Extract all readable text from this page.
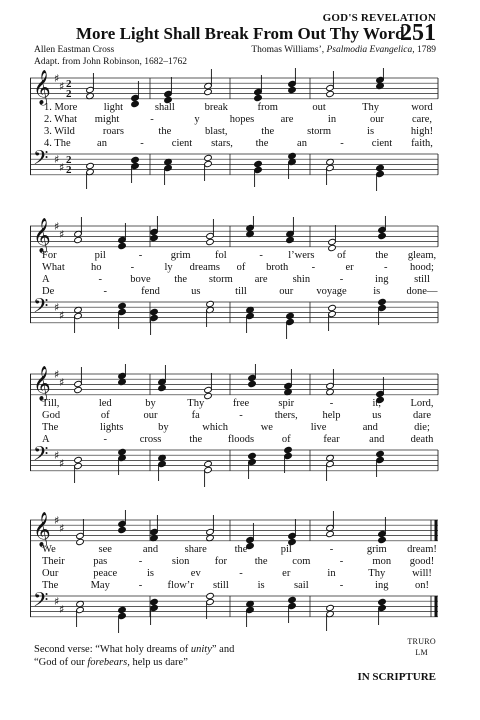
GOD'S REVELATION
More Light Shall Break From Out Thy Word
251
Allen Eastman Cross
Adapt. from John Robinson, 1682–1762
Thomas Williams’, Psalmodia Evangelica, 1789
𝄞
𝄢
♯
♯
♯
♯
2
2
2
2
1. More	light	shall	break	from	out	Thy	word
2. What might	-	y	hopes	are	in	our	care,
3. Wild	roars	the	blast,	the	storm	is	high!
4. The	an	-	cient stars, the	an	-	cient faith,
𝄞
𝄢
♯
♯
♯
♯
For	pil	-	grim fol	- l’wers of	the gleam,
What ho	-	ly dreams of broth -	er	- hood;
A	-	bove the storm are shin	-	ing still
De	-	fend	us	till	our voyage	is	done—
𝄞
𝄢
♯
♯
♯
♯
Till,	led	by	Thy	free	spir	-	it,	Lord,
God	of	our	fa	-	thers, help	us	dare
The	lights	by	which	we	live	and	die;
A	-	cross	the floods	of	fear	and	death
𝄞
𝄢
♯
♯
♯
♯
We	see	and	share	the	pil	-	grim dream!
Their	pas	-	sion for	the com	-	mon good!
Our	peace	is	ev	-	er	in	Thy	will!
The	May	- flow’r still	is	sail	-	ing	on!
Second verse: “What holy dreams of unity” and
“God of our forebears, help us dare”
TRURO
LM
IN SCRIPTURE
